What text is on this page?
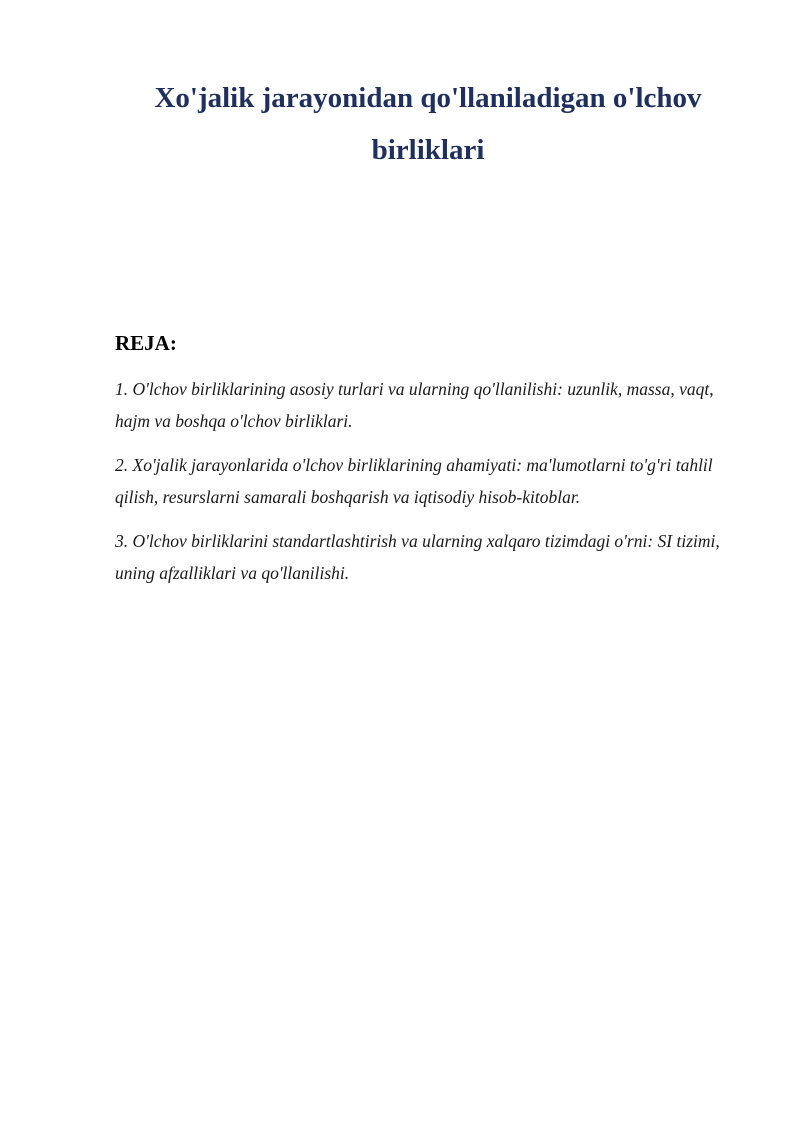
Xo'jalik jarayonidan qo'llaniladigan o'lchov birliklari
REJA:
1. O'lchov birliklarining asosiy turlari va ularning qo'llanilishi: uzunlik, massa, vaqt, hajm va boshqa o'lchov birliklari.
2. Xo'jalik jarayonlarida o'lchov birliklarining ahamiyati: ma'lumotlarni to'g'ri tahlil qilish, resurslarni samarali boshqarish va iqtisodiy hisob-kitoblar.
3. O'lchov birliklarini standartlashtirish va ularning xalqaro tizimdagi o'rni: SI tizimi, uning afzalliklari va qo'llanilishi.
